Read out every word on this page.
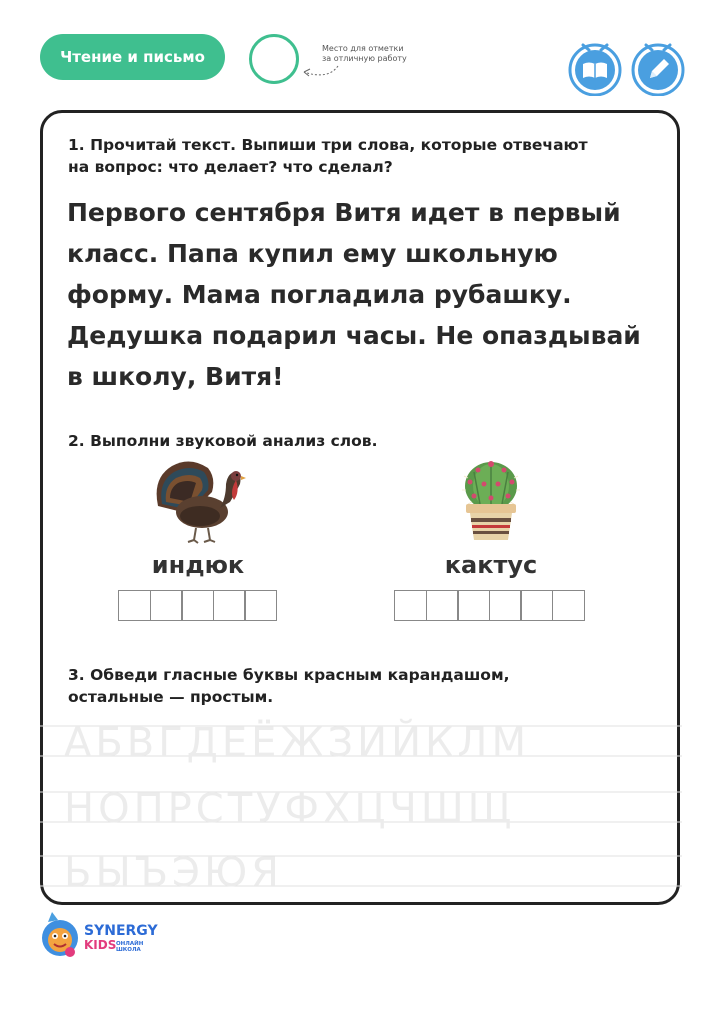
Чтение и письмо	Место для отметки
за отличную работу
1. Прочитай текст. Выпиши три слова, которые отвечают
на вопрос: что делает? что сделал?
Первого сентября Витя идет в первый
класс. Папа купил ему школьную
форму. Мама погладила рубашку.
Дедушка подарил часы. Не опаздывай
в школу, Витя!
2. Выполни звуковой анализ слов.
индюк	кактус
3. Обведи гласные буквы красным карандашом,
остальные — простым.
АБВГДЕЁЖЗИЙКЛМ
НОПРСТУФХЦЧШЩ
ЬЫЪЭЮЯ
SYNERGY
KIDS ОНЛАЙН ШКОЛА
